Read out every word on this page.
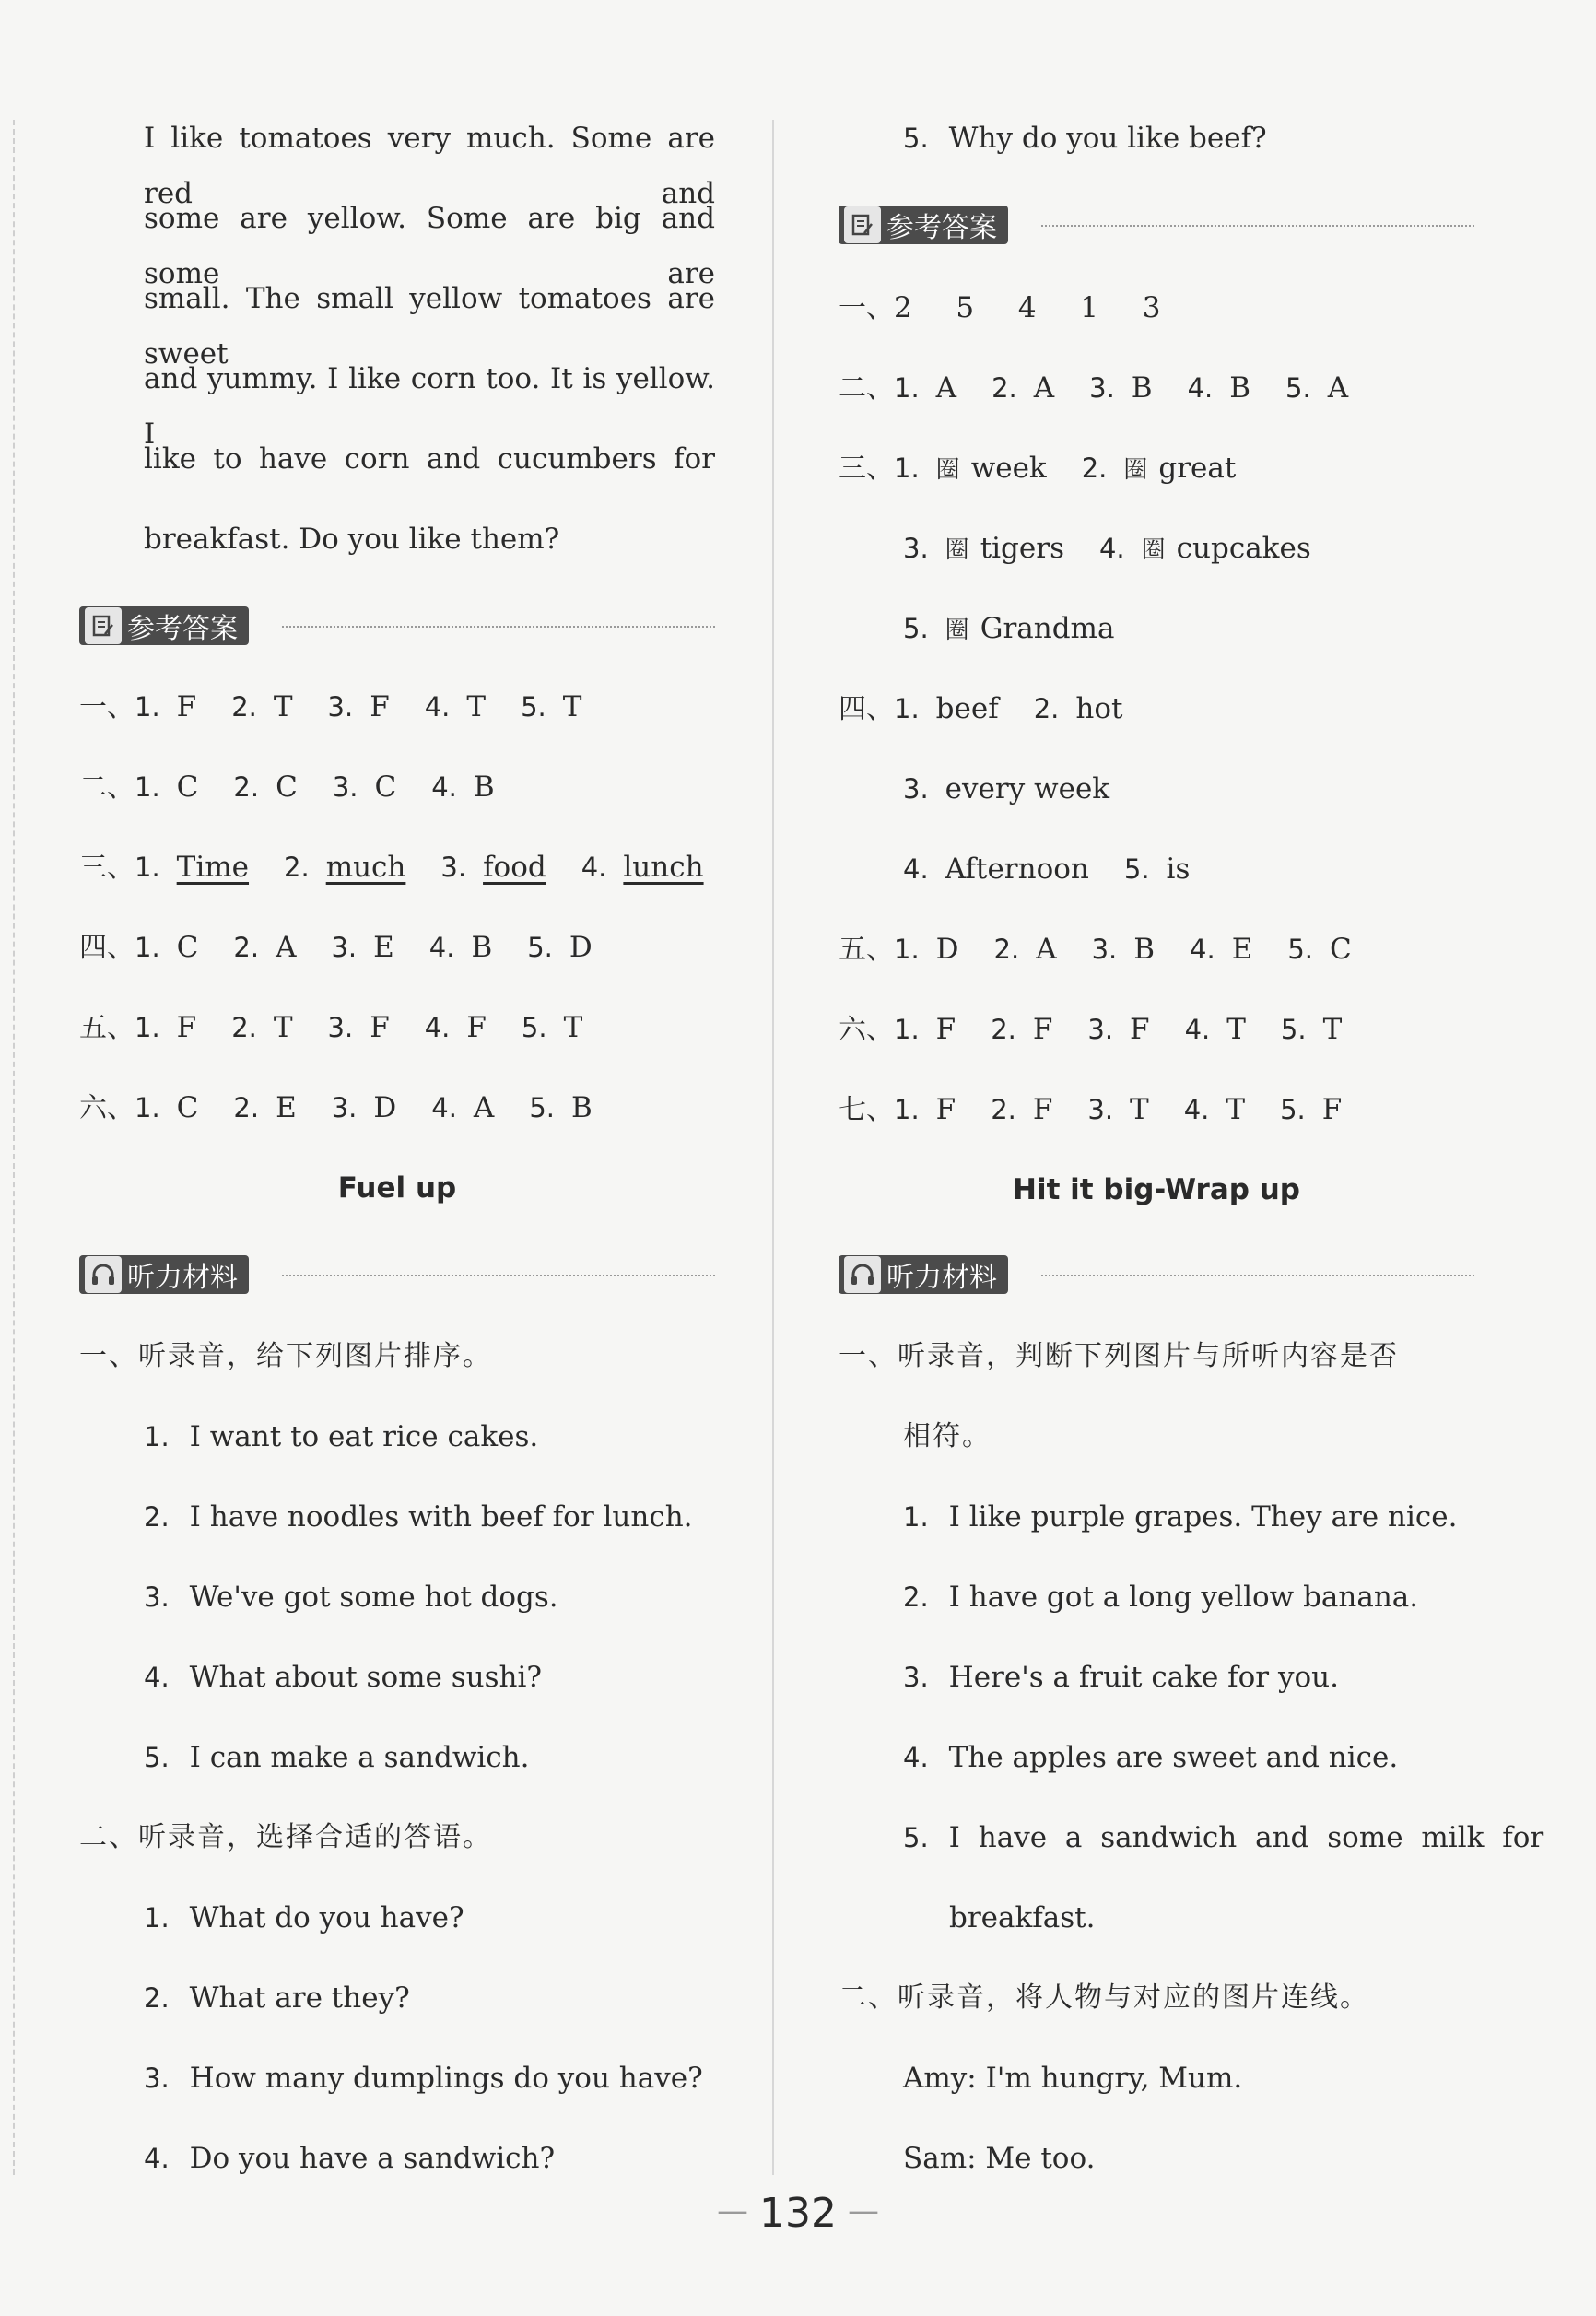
I like tomatoes very much. Some are red and
some are yellow. Some are big and some are
small. The small yellow tomatoes are sweet
and yummy. I like corn too. It is yellow. I
like to have corn and cucumbers for
breakfast. Do you like them?
参考答案
一、1. F 2. T 3. F 4. T 5. T
二、1. C 2. C 3. C 4. B
三、1. Time 2. much 3. food 4. lunch
四、1. C 2. A 3. E 4. B 5. D
五、1. F 2. T 3. F 4. F 5. T
六、1. C 2. E 3. D 4. A 5. B
Fuel up
听力材料
一、听录音，给下列图片排序。
1. I want to eat rice cakes.
2. I have noodles with beef for lunch.
3. We've got some hot dogs.
4. What about some sushi?
5. I can make a sandwich.
二、听录音，选择合适的答语。
1. What do you have?
2. What are they?
3. How many dumplings do you have?
4. Do you have a sandwich?
5. Why do you like beef?
参考答案
一、2  5  4  1  3
二、1. A 2. A 3. B 4. B 5. A
三、1. 圈 week 2. 圈 great
3. 圈 tigers 4. 圈 cupcakes
5. 圈 Grandma
四、1. beef 2. hot
3. every week
4. Afternoon 5. is
五、1. D 2. A 3. B 4. E 5. C
六、1. F 2. F 3. F 4. T 5. T
七、1. F 2. F 3. T 4. T 5. F
Hit it big-Wrap up
听力材料
一、听录音，判断下列图片与所听内容是否
相符。
1. I like purple grapes. They are nice.
2. I have got a long yellow banana.
3. Here's a fruit cake for you.
4. The apples are sweet and nice.
5. I have a sandwich and some milk for
breakfast.
二、听录音，将人物与对应的图片连线。
Amy: I'm hungry, Mum.
Sam: Me too.
— 132 —
